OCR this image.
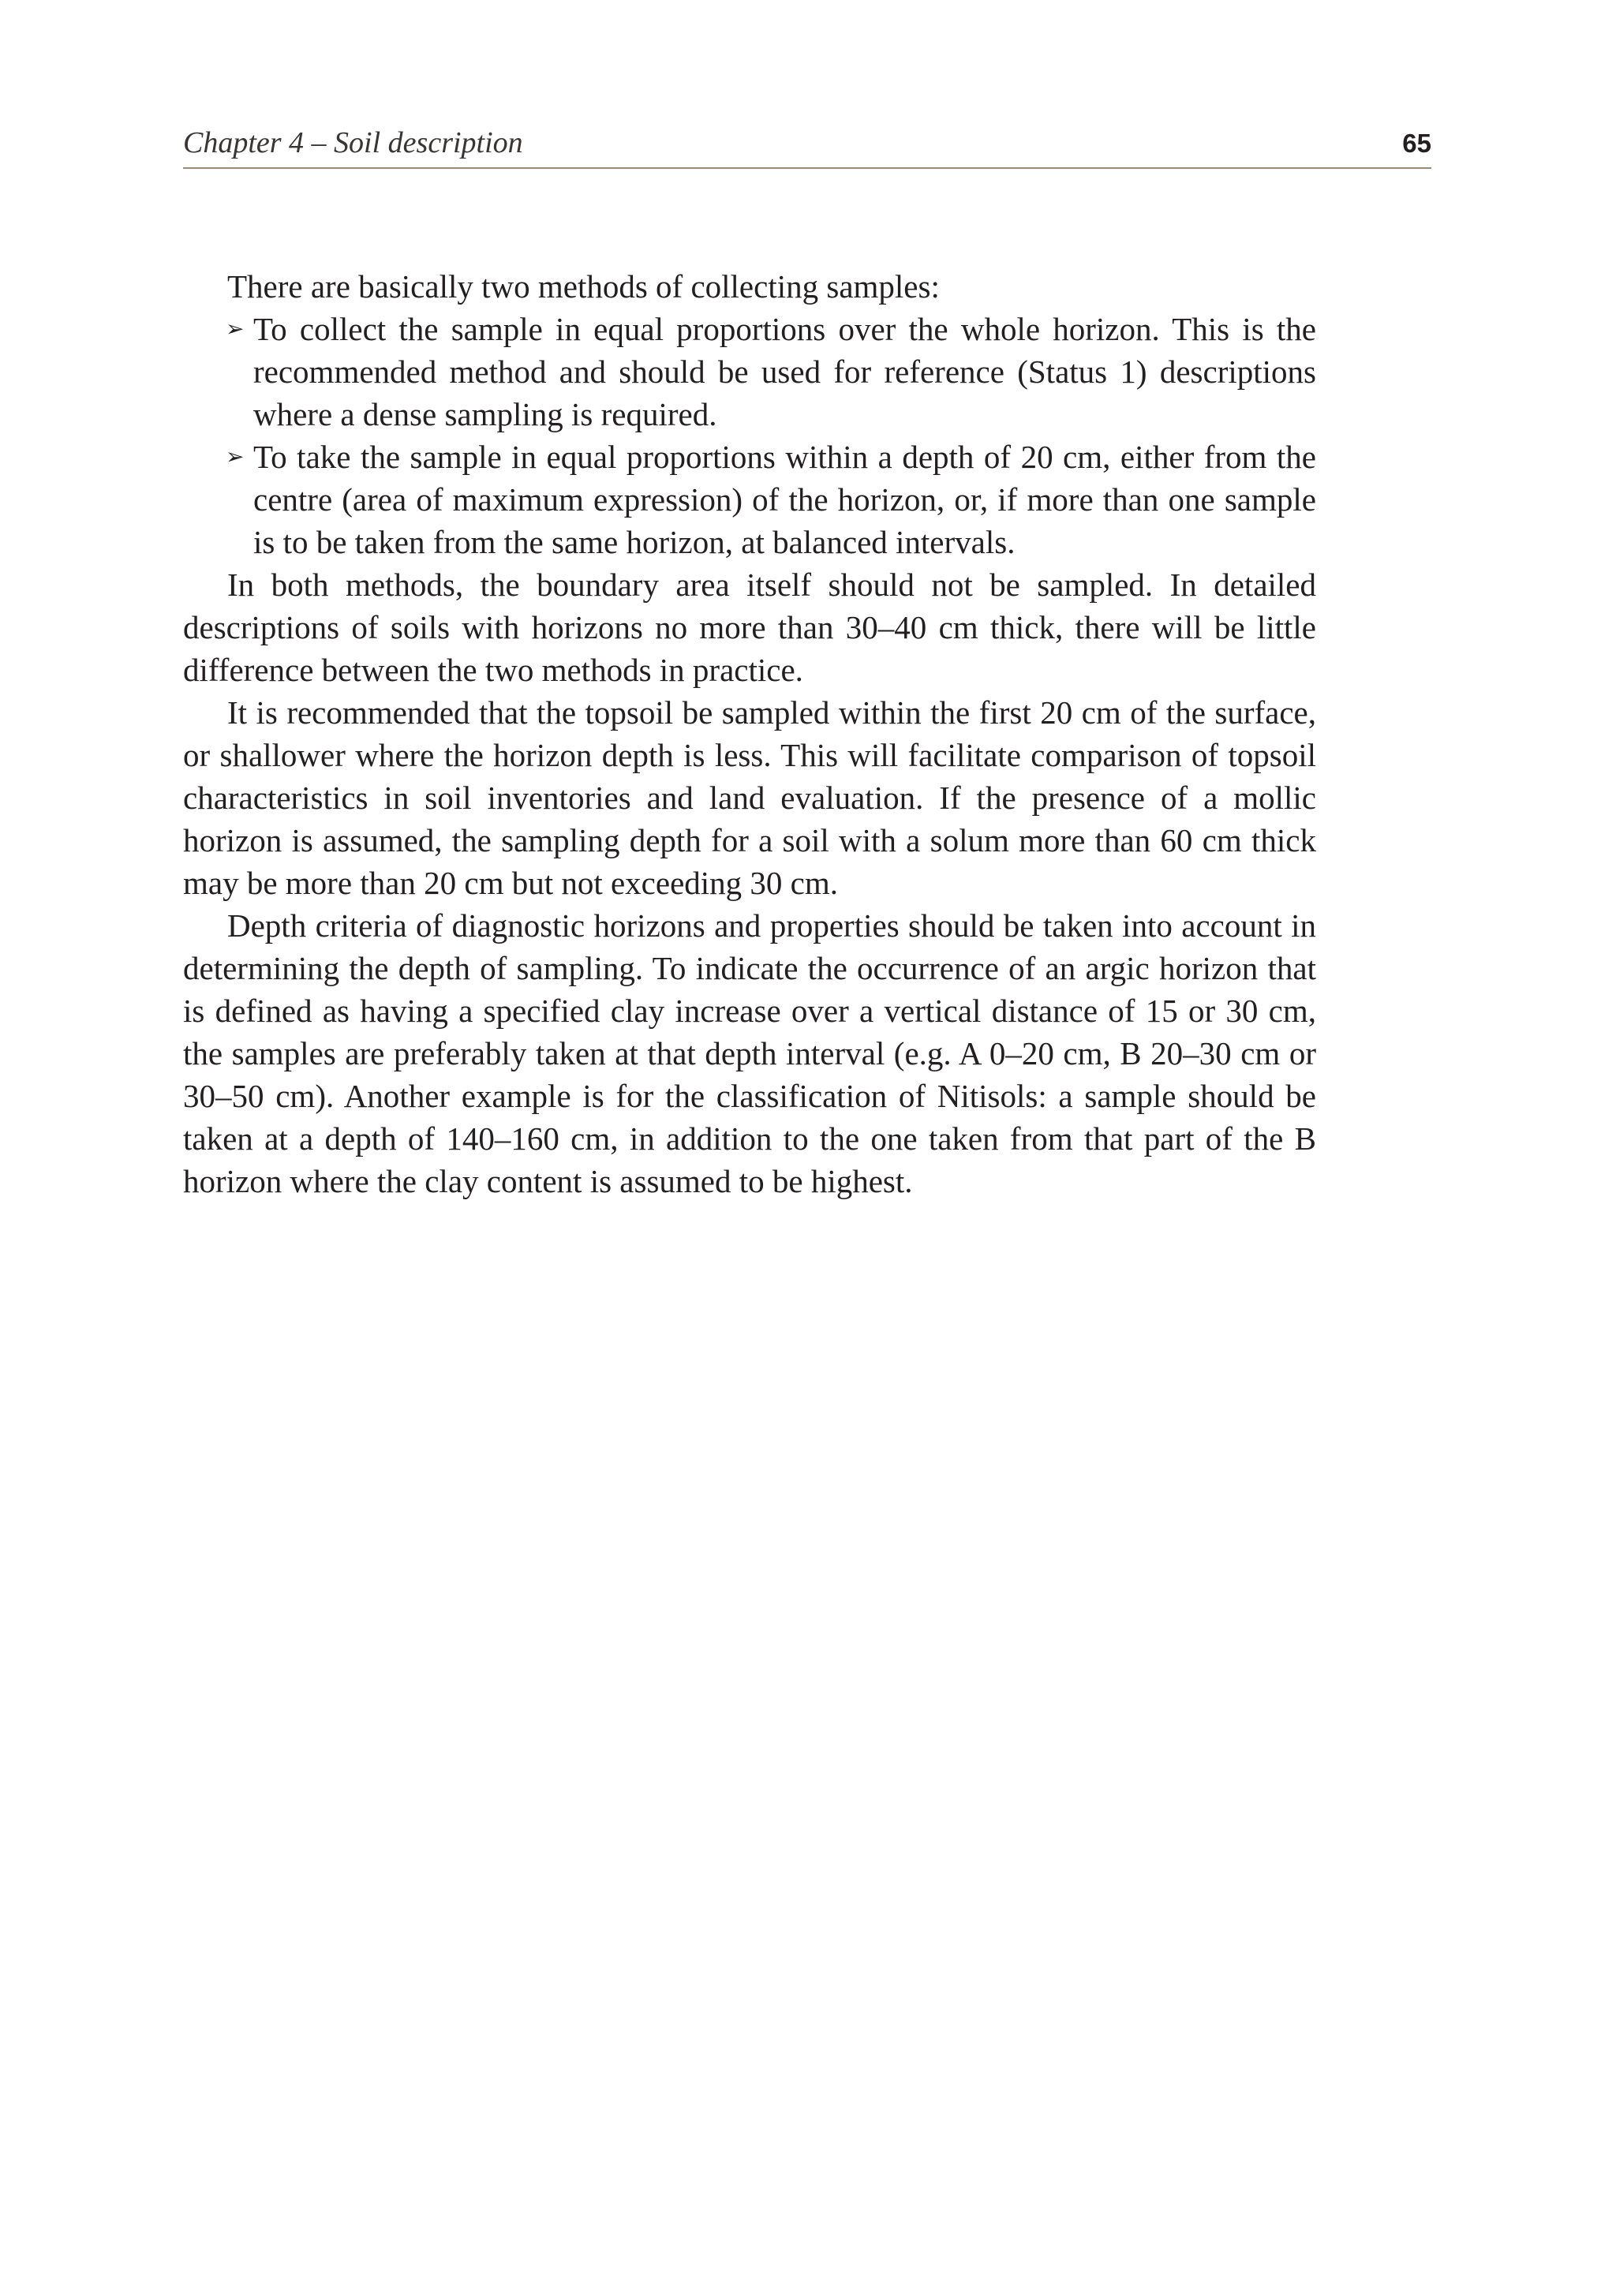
Chapter 4 – Soil description	65

There are basically two methods of collecting samples:

➢ To collect the sample in equal proportions over the whole horizon. This is the recommended method and should be used for reference (Status 1) descriptions where a dense sampling is required.
➢ To take the sample in equal proportions within a depth of 20 cm, either from the centre (area of maximum expression) of the horizon, or, if more than one sample is to be taken from the same horizon, at balanced intervals.

In both methods, the boundary area itself should not be sampled. In detailed descriptions of soils with horizons no more than 30–40 cm thick, there will be little difference between the two methods in practice.

It is recommended that the topsoil be sampled within the first 20 cm of the surface, or shallower where the horizon depth is less. This will facilitate comparison of topsoil characteristics in soil inventories and land evaluation. If the presence of a mollic horizon is assumed, the sampling depth for a soil with a solum more than 60 cm thick may be more than 20 cm but not exceeding 30 cm.

Depth criteria of diagnostic horizons and properties should be taken into account in determining the depth of sampling. To indicate the occurrence of an argic horizon that is defined as having a specified clay increase over a vertical distance of 15 or 30 cm, the samples are preferably taken at that depth interval (e.g. A 0–20 cm, B 20–30 cm or 30–50 cm). Another example is for the classification of Nitisols: a sample should be taken at a depth of 140–160 cm, in addition to the one taken from that part of the B horizon where the clay content is assumed to be highest.
